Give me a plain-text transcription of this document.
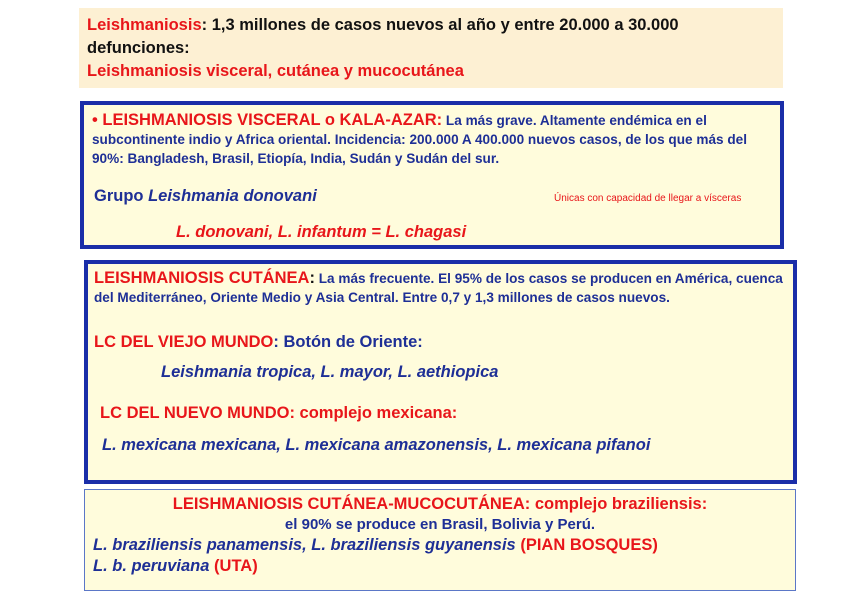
Leishmaniosis: 1,3 millones de casos nuevos al año y entre 20.000 a 30.000 defunciones:
Leishmaniosis visceral, cutánea y mucocutánea
• LEISHMANIOSIS VISCERAL o KALA-AZAR: La más grave. Altamente endémica en el subcontinente indio y Africa oriental. Incidencia: 200.000 A 400.000 nuevos casos, de los que más del 90%: Bangladesh, Brasil, Etiopía, India, Sudán y Sudán del sur.
Grupo Leishmania donovani	Únicas con capacidad de llegar a vísceras
L. donovani, L. infantum = L. chagasi
LEISHMANIOSIS CUTÁNEA: La más frecuente. El 95% de los casos se producen en América, cuenca del Mediterráneo, Oriente Medio y Asia Central. Entre 0,7 y 1,3 millones de casos nuevos.
LC DEL VIEJO MUNDO: Botón de Oriente:
Leishmania tropica, L. mayor, L. aethiopica
LC DEL NUEVO MUNDO: complejo mexicana:
L. mexicana mexicana, L. mexicana amazonensis, L. mexicana pifanoi
LEISHMANIOSIS CUTÁNEA-MUCOCUTÁNEA: complejo braziliensis:
el 90% se produce en Brasil, Bolivia y Perú.
L. braziliensis panamensis, L. braziliensis guyanensis (PIAN BOSQUES)
L. b. peruviana (UTA)
